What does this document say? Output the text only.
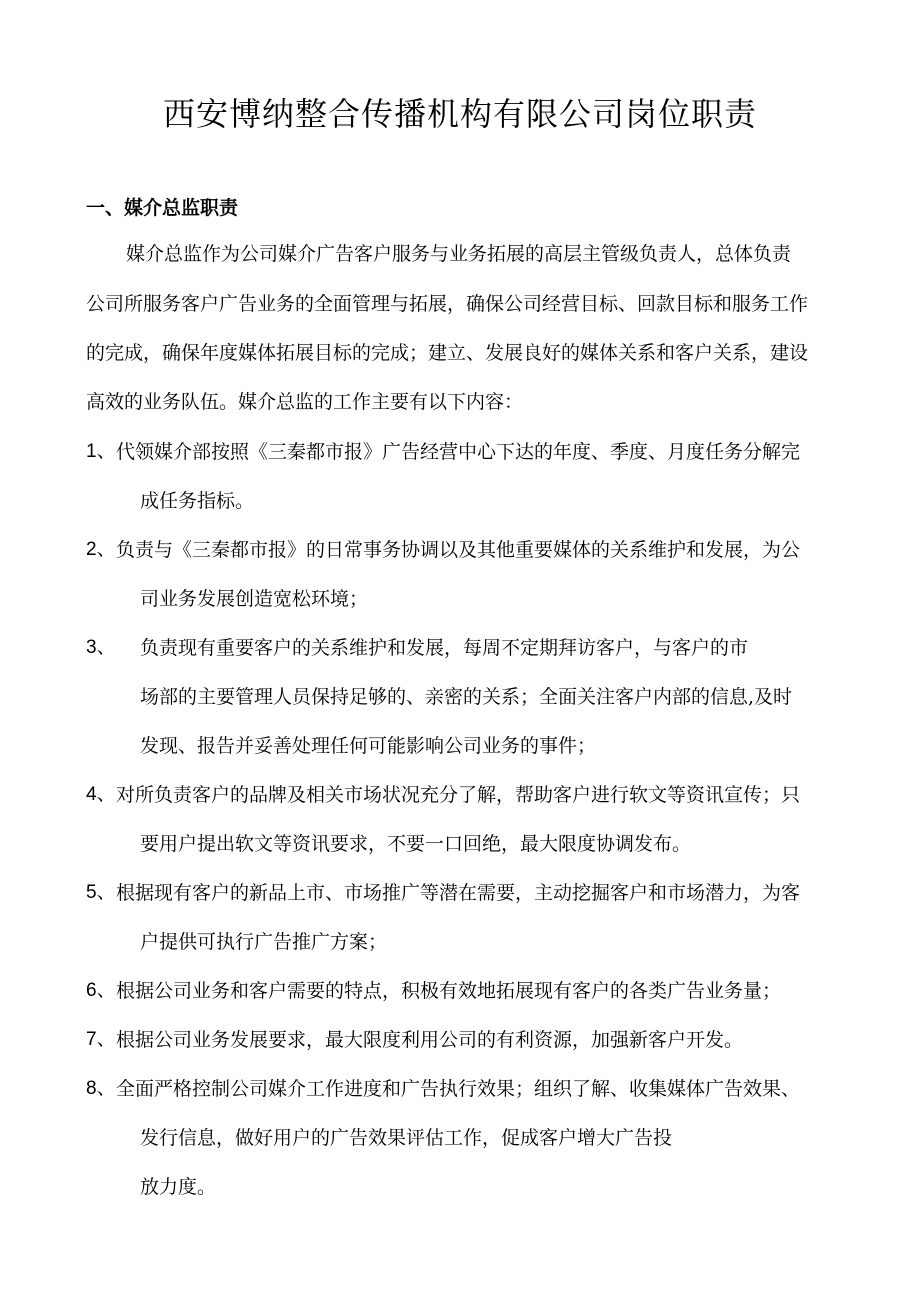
西安博纳整合传播机构有限公司岗位职责
一、媒介总监职责
媒介总监作为公司媒介广告客户服务与业务拓展的高层主管级负责人，总体负责
公司所服务客户广告业务的全面管理与拓展，确保公司经营目标、回款目标和服务工作
的完成，确保年度媒体拓展目标的完成；建立、发展良好的媒体关系和客户关系，建设
高效的业务队伍。媒介总监的工作主要有以下内容：
1、 代领媒介部按照《三秦都市报》广告经营中心下达的年度、季度、月度任务分解完
成任务指标。
2、 负责与《三秦都市报》的日常事务协调以及其他重要媒体的关系维护和发展，为公
司业务发展创造宽松环境；
3、 负责现有重要客户的关系维护和发展，每周不定期拜访客户，与客户的市
场部的主要管理人员保持足够的、亲密的关系；全面关注客户内部的信息,及时
发现、报告并妥善处理任何可能影响公司业务的事件；
4、 对所负责客户的品牌及相关市场状况充分了解，帮助客户进行软文等资讯宣传；只
要用户提出软文等资讯要求，不要一口回绝，最大限度协调发布。
5、 根据现有客户的新品上市、市场推广等潜在需要，主动挖掘客户和市场潜力，为客
户提供可执行广告推广方案；
6、 根据公司业务和客户需要的特点，积极有效地拓展现有客户的各类广告业务量；
7、 根据公司业务发展要求，最大限度利用公司的有利资源，加强新客户开发。
8、 全面严格控制公司媒介工作进度和广告执行效果；组织了解、收集媒体广告效果、
发行信息，做好用户的广告效果评估工作，促成客户增大广告投
放力度。
